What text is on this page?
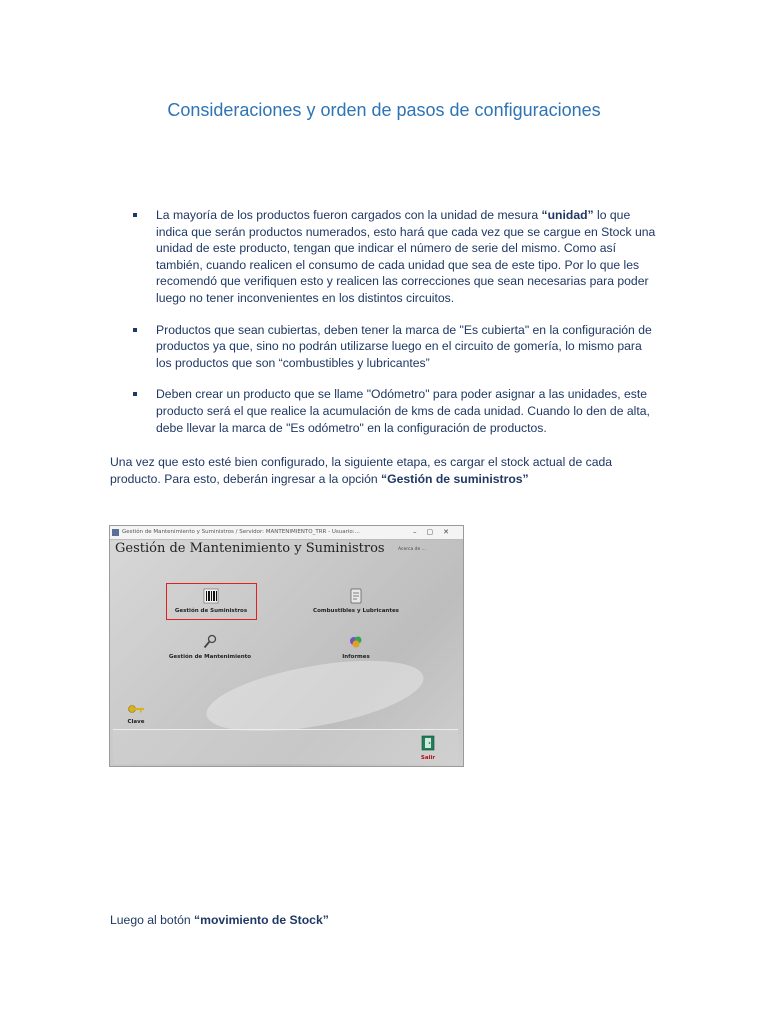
Consideraciones y orden de pasos de configuraciones
La mayoría de los productos fueron cargados con la unidad de mesura “unidad” lo que indica que serán productos numerados, esto hará que cada vez que se cargue en Stock una unidad de este producto, tengan que indicar el número de serie del mismo. Como así también, cuando realicen el consumo de cada unidad que sea de este tipo. Por lo que les recomendó que verifiquen esto y realicen las correcciones que sean necesarias para poder luego no tener inconvenientes en los distintos circuitos.
Productos que sean cubiertas, deben tener la marca de "Es cubierta" en la configuración de productos ya que, sino no podrán utilizarse luego en el circuito de gomería, lo mismo para los productos que son “combustibles y lubricantes”
Deben crear un producto que se llame "Odómetro" para poder asignar a las unidades, este producto será el que realice la acumulación de kms de cada unidad. Cuando lo den de alta, debe llevar la marca de "Es odómetro" en la configuración de productos.
Una vez que esto esté bien configurado, la siguiente etapa, es cargar el stock actual de cada producto. Para esto, deberán ingresar a la opción “Gestión de suministros”
Gestión de Mantenimiento y Suministros / Servidor: MANTENIMIENTO_TRR - Usuario:...	–▢✕
Gestión de Mantenimiento y Suministros	Acerca de ...
Gestión de Suministros	Combustibles y Lubricantes
Gestión de Mantenimiento	Informes
Clave
Salir
Luego al botón “movimiento de Stock”
